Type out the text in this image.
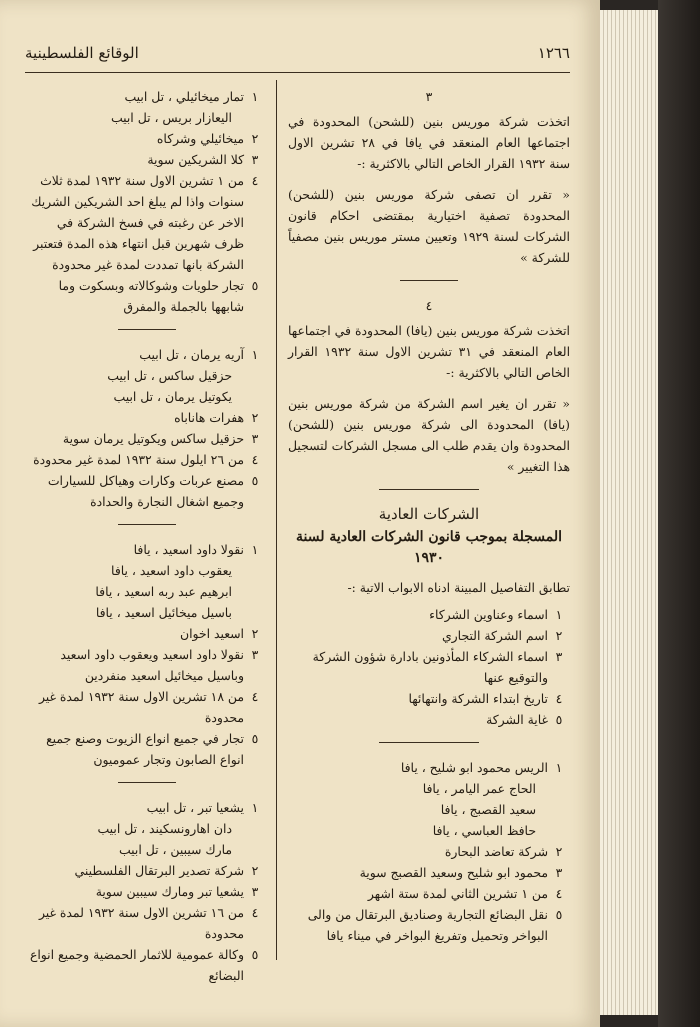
١٢٦٦
الوقائع الفلسطينية
٣

اتخذت شركة موريس بنين (للشحن) المحدودة في اجتماعها العام المنعقد في يافا في ٢٨ تشرين الاول سنة ١٩٣٢ القرار الخاص التالي بالاكثرية :-

« تقرر ان تصفى شركة موريس بنين (للشحن) المحدودة تصفية اختيارية بمقتضى احكام قانون الشركات لسنة ١٩٢٩ وتعيين مستر موريس بنين مصفياً للشركة »

٤

اتخذت شركة موريس بنين (يافا) المحدودة في اجتماعها العام المنعقد في ٣١ تشرين الاول سنة ١٩٣٢ القرار الخاص التالي بالاكثرية :-

« تقرر ان يغير اسم الشركة من شركة موريس بنين (يافا) المحدودة الى شركة موريس بنين (للشحن) المحدودة وان يقدم طلب الى مسجل الشركات لتسجيل هذا التغيير »

الشركات العادية
المسجلة بموجب قانون الشركات العادية لسنة ١٩٣٠
تطابق التفاصيل المبينة ادناه الابواب الاتية :-
١
اسماء وعناوين الشركاء
٢
اسم الشركة التجاري
٣
اسماء الشركاء المأذونين بادارة شؤون الشركة والتوقيع عنها
٤
تاريخ ابتداء الشركة وانتهائها
٥
غاية الشركة
١
الريس محمود ابو شليح ، يافا
الحاج عمر اليامر ، يافا
سعيد القصبج ، يافا
حافظ العباسي ، يافا
٢
شركة تعاضد البحارة
٣
محمود ابو شليح وسعيد القصبج سوية
٤
من ١ تشرين الثاني لمدة ستة اشهر
٥
نقل البضائع التجارية وصناديق البرتقال من والى البواخر وتحميل وتفريغ البواخر في ميناء يافا
١
تمار ميخائيلي ، تل ابيب
اليعازار بريس ، تل ابيب
٢
ميخائيلي وشركاه
٣
كلا الشريكين سوية
٤
من ١ تشرين الاول سنة ١٩٣٢ لمدة ثلاث سنوات واذا لم يبلغ احد الشريكين الشريك الاخر عن رغبته في فسخ الشركة في ظرف شهرين قبل انتهاء هذه المدة فتعتبر الشركة بانها تمددت لمدة غير محدودة
٥
تجار حلويات وشوكالاته وبسكوت وما شابهها بالجملة والمفرق
١
آريه يرمان ، تل ابيب
حزقيل ساكس ، تل ابيب
يكوتيل يرمان ، تل ابيب
٢
هفرات هاناباه
٣
حزقيل ساكس ويكوتيل يرمان سوية
٤
من ٢٦ ايلول سنة ١٩٣٢ لمدة غير محدودة
٥
مصنع عربات وكارات وهياكل للسيارات وجميع اشغال النجارة والحدادة
١
نقولا داود اسعيد ، يافا
يعقوب داود اسعيد ، يافا
ابرهيم عبد ربه اسعيد ، يافا
باسيل ميخائيل اسعيد ، يافا
٢
اسعيد اخوان
٣
نقولا داود اسعيد ويعقوب داود اسعيد وباسيل ميخائيل اسعيد منفردين
٤
من ١٨ تشرين الاول سنة ١٩٣٢ لمدة غير محدودة
٥
تجار في جميع انواع الزيوت وصنع جميع انواع الصابون وتجار عموميون
١
يشعيا تبر ، تل ابيب
دان اهارونسكيند ، تل ابيب
مارك سيبين ، تل ابيب
٢
شركة تصدير البرتقال الفلسطيني
٣
يشعيا تبر ومارك سيبين سوية
٤
من ١٦ تشرين الاول سنة ١٩٣٢ لمدة غير محدودة
٥
وكالة عمومية للاثمار الحمضية وجميع انواع البضائع
